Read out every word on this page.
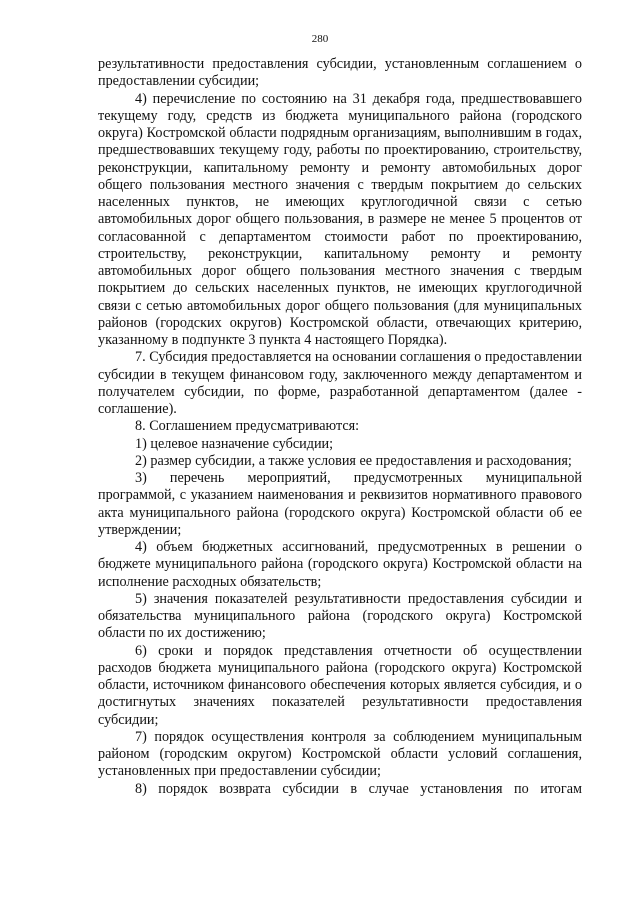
280

результативности предоставления субсидии, установленным соглашением о предоставлении субсидии;

4) перечисление по состоянию на 31 декабря года, предшествовавшего текущему году, средств из бюджета муниципального района (городского округа) Костромской области подрядным организациям, выполнившим в годах, предшествовавших текущему году, работы по проектированию, строительству, реконструкции, капитальному ремонту и ремонту автомобильных дорог общего пользования местного значения с твердым покрытием до сельских населенных пунктов, не имеющих круглогодичной связи с сетью автомобильных дорог общего пользования, в размере не менее 5 процентов от согласованной с департаментом стоимости работ по проектированию, строительству, реконструкции, капитальному ремонту и ремонту автомобильных дорог общего пользования местного значения с твердым покрытием до сельских населенных пунктов, не имеющих круглогодичной связи с сетью автомобильных дорог общего пользования (для муниципальных районов (городских округов) Костромской области, отвечающих критерию, указанному в подпункте 3 пункта 4 настоящего Порядка).

7. Субсидия предоставляется на основании соглашения о предоставлении субсидии в текущем финансовом году, заключенного между департаментом и получателем субсидии, по форме, разработанной департаментом (далее - соглашение).

8. Соглашением предусматриваются:

1) целевое назначение субсидии;

2) размер субсидии, а также условия ее предоставления и расходования;

3) перечень мероприятий, предусмотренных муниципальной программой, с указанием наименования и реквизитов нормативного правового акта муниципального района (городского округа) Костромской области об ее утверждении;

4) объем бюджетных ассигнований, предусмотренных в решении о бюджете муниципального района (городского округа) Костромской области на исполнение расходных обязательств;

5) значения показателей результативности предоставления субсидии и обязательства муниципального района (городского округа) Костромской области по их достижению;

6) сроки и порядок представления отчетности об осуществлении расходов бюджета муниципального района (городского округа) Костромской области, источником финансового обеспечения которых является субсидия, и о достигнутых значениях показателей результативности предоставления субсидии;

7) порядок осуществления контроля за соблюдением муниципальным районом (городским округом) Костромской области условий соглашения, установленных при предоставлении субсидии;

8) порядок возврата субсидии в случае установления по итогам
